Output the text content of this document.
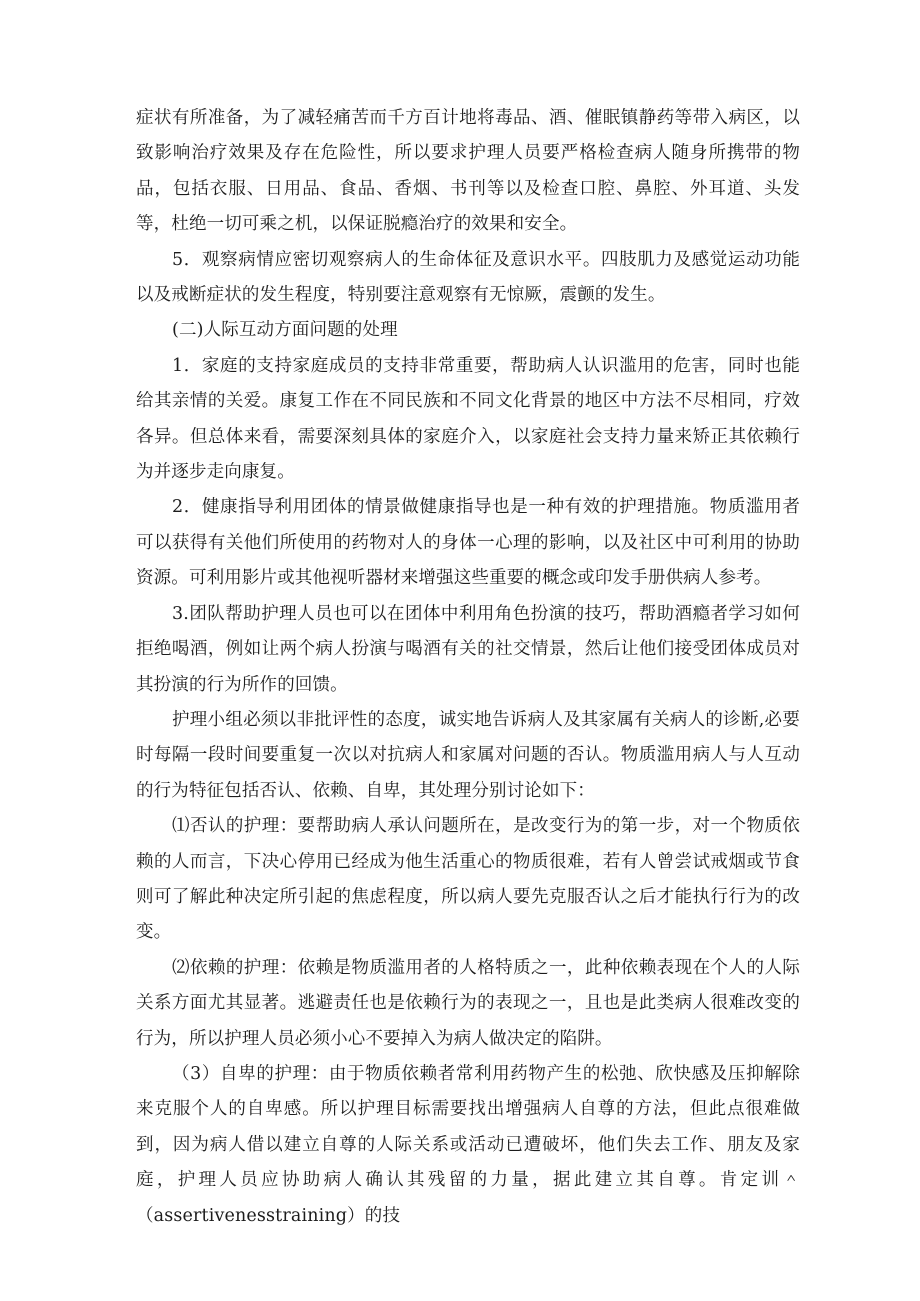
症状有所准备，为了减轻痛苦而千方百计地将毒品、酒、催眠镇静药等带入病区，以致影响治疗效果及存在危险性，所以要求护理人员要严格检查病人随身所携带的物品，包括衣服、日用品、食品、香烟、书刊等以及检查口腔、鼻腔、外耳道、头发等，杜绝一切可乘之机，以保证脱瘾治疗的效果和安全。

5．观察病情应密切观察病人的生命体征及意识水平。四肢肌力及感觉运动功能以及戒断症状的发生程度，特别要注意观察有无惊厥，震颤的发生。

(二)人际互动方面问题的处理

1．家庭的支持家庭成员的支持非常重要，帮助病人认识滥用的危害，同时也能给其亲情的关爱。康复工作在不同民族和不同文化背景的地区中方法不尽相同，疗效各异。但总体来看，需要深刻具体的家庭介入，以家庭社会支持力量来矫正其依赖行为并逐步走向康复。

2．健康指导利用团体的情景做健康指导也是一种有效的护理措施。物质滥用者可以获得有关他们所使用的药物对人的身体一心理的影响，以及社区中可利用的协助资源。可利用影片或其他视听器材来增强这些重要的概念或印发手册供病人参考。

3.团队帮助护理人员也可以在团体中利用角色扮演的技巧，帮助酒瘾者学习如何拒绝喝酒，例如让两个病人扮演与喝酒有关的社交情景，然后让他们接受团体成员对其扮演的行为所作的回馈。

护理小组必须以非批评性的态度，诚实地告诉病人及其家属有关病人的诊断,必要时每隔一段时间要重复一次以对抗病人和家属对问题的否认。物质滥用病人与人互动的行为特征包括否认、依赖、自卑，其处理分别讨论如下：

⑴否认的护理：要帮助病人承认问题所在，是改变行为的第一步，对一个物质依赖的人而言，下决心停用已经成为他生活重心的物质很难，若有人曾尝试戒烟或节食则可了解此种决定所引起的焦虑程度，所以病人要先克服否认之后才能执行行为的改变。

⑵依赖的护理：依赖是物质滥用者的人格特质之一，此种依赖表现在个人的人际关系方面尤其显著。逃避责任也是依赖行为的表现之一，且也是此类病人很难改变的行为，所以护理人员必须小心不要掉入为病人做决定的陷阱。

（3）自卑的护理：由于物质依赖者常利用药物产生的松弛、欣快感及压抑解除来克服个人的自卑感。所以护理目标需要找出增强病人自尊的方法，但此点很难做到，因为病人借以建立自尊的人际关系或活动已遭破坏，他们失去工作、朋友及家庭，护理人员应协助病人确认其残留的力量，据此建立其自尊。肯定训＾（assertivenesstraining）的技
